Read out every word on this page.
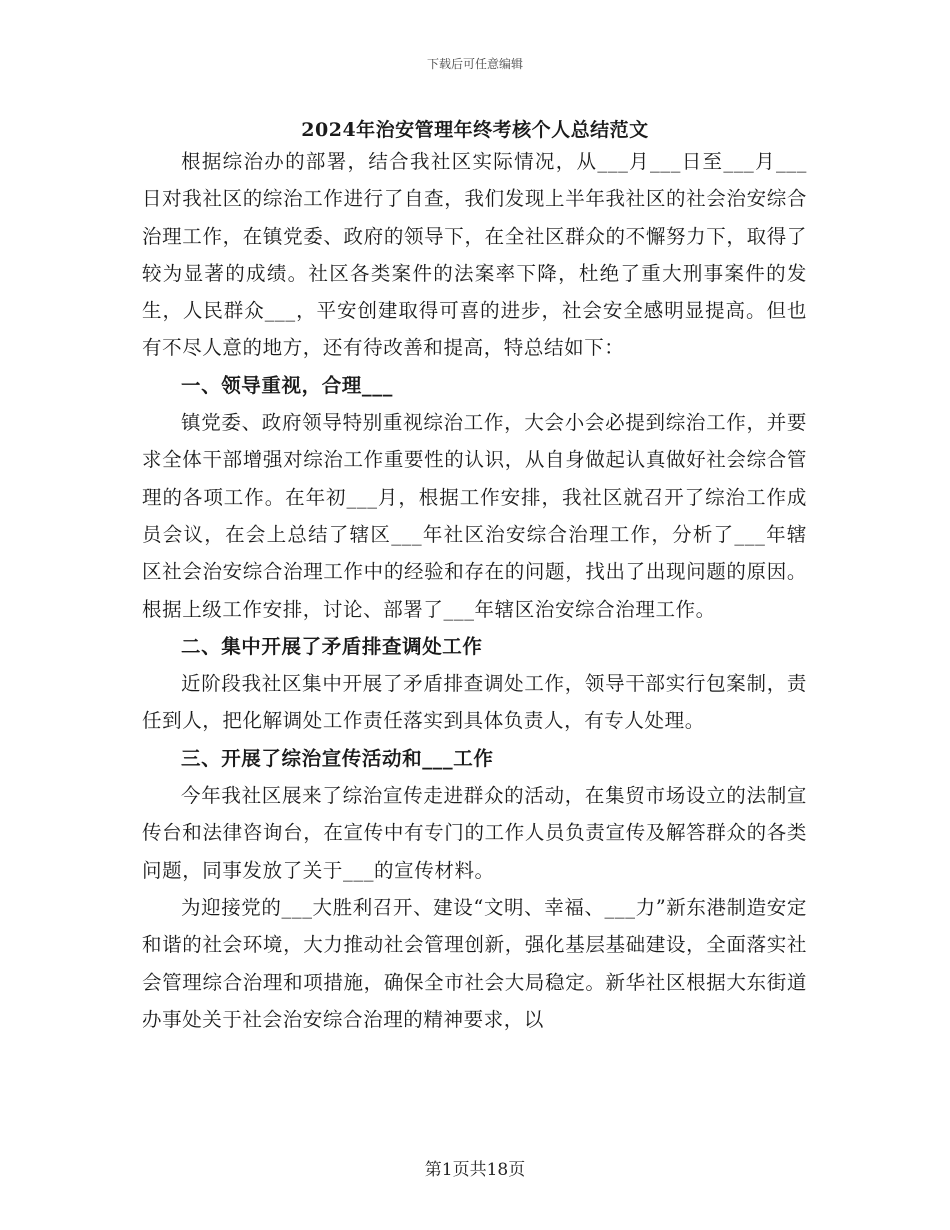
下载后可任意编辑
2024年治安管理年终考核个人总结范文

根据综治办的部署，结合我社区实际情况，从___月___日至___月___日对我社区的综治工作进行了自查，我们发现上半年我社区的社会治安综合治理工作，在镇党委、政府的领导下，在全社区群众的不懈努力下，取得了较为显著的成绩。社区各类案件的法案率下降，杜绝了重大刑事案件的发生，人民群众___，平安创建取得可喜的进步，社会安全感明显提高。但也有不尽人意的地方，还有待改善和提高，特总结如下：

一、领导重视，合理___

镇党委、政府领导特别重视综治工作，大会小会必提到综治工作，并要求全体干部增强对综治工作重要性的认识，从自身做起认真做好社会综合管理的各项工作。在年初___月，根据工作安排，我社区就召开了综治工作成员会议，在会上总结了辖区___年社区治安综合治理工作，分析了___年辖区社会治安综合治理工作中的经验和存在的问题，找出了出现问题的原因。根据上级工作安排，讨论、部署了___年辖区治安综合治理工作。

二、集中开展了矛盾排查调处工作

近阶段我社区集中开展了矛盾排查调处工作，领导干部实行包案制，责任到人，把化解调处工作责任落实到具体负责人，有专人处理。

三、开展了综治宣传活动和___工作

今年我社区展来了综治宣传走进群众的活动，在集贸市场设立的法制宣传台和法律咨询台，在宣传中有专门的工作人员负责宣传及解答群众的各类问题，同事发放了关于___的宣传材料。

为迎接党的___大胜利召开、建设“文明、幸福、___力”新东港制造安定和谐的社会环境，大力推动社会管理创新，强化基层基础建设，全面落实社会管理综合治理和项措施，确保全市社会大局稳定。新华社区根据大东街道办事处关于社会治安综合治理的精神要求，以

第1页共18页
